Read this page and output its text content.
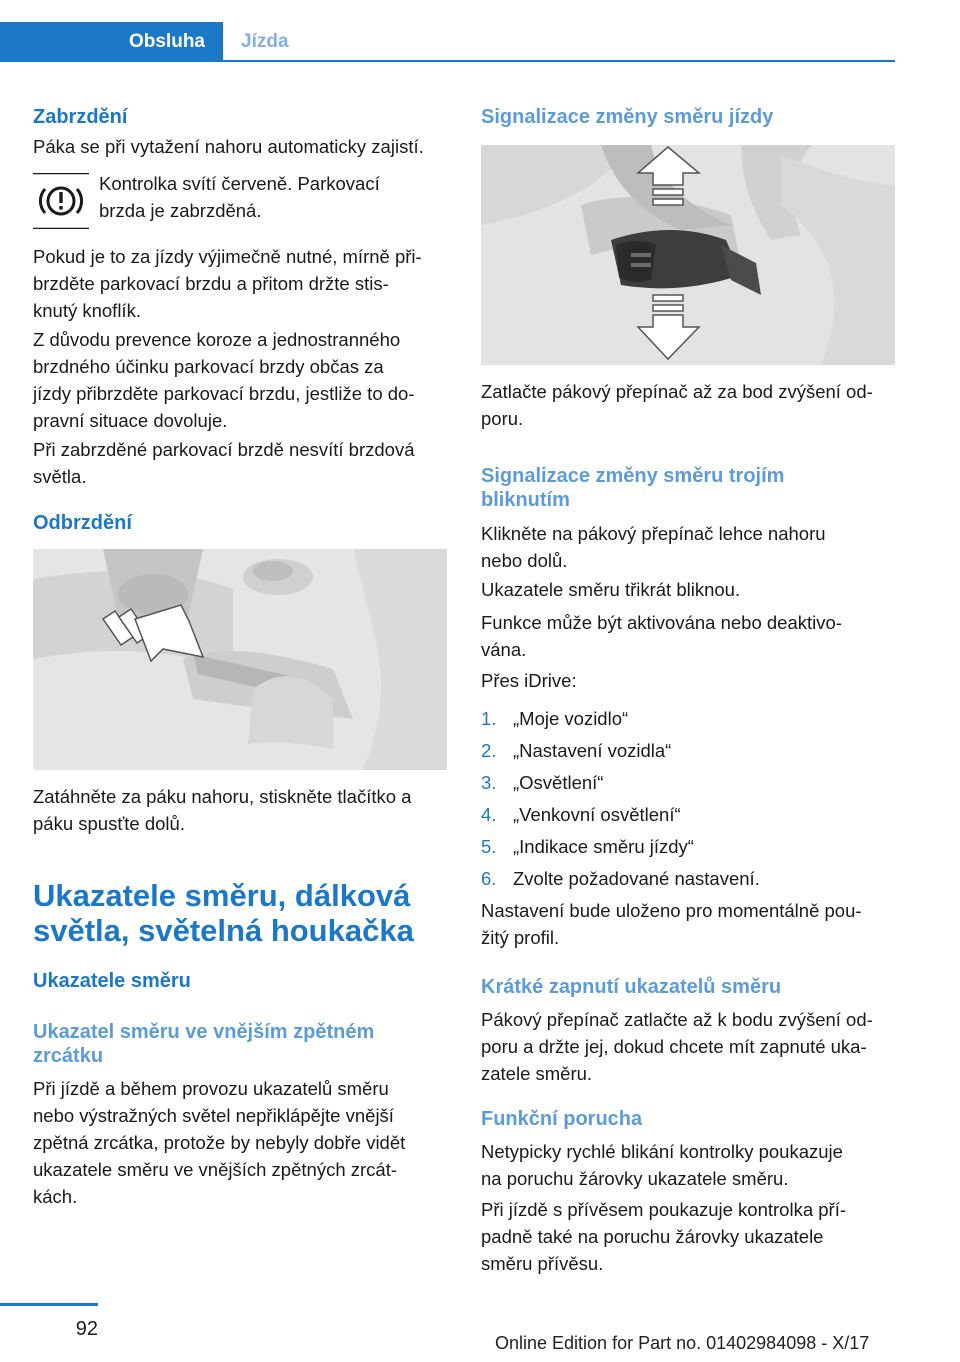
Obsluha	Jízda
Zabrzdění
Páka se při vytažení nahoru automaticky zajistí.
Kontrolka svítí červeně. Parkovací
brzda je zabrzděná.
Pokud je to za jízdy výjimečně nutné, mírně při-
brzděte parkovací brzdu a přitom držte stis-
knutý knoflík.
Z důvodu prevence koroze a jednostranného
brzdného účinku parkovací brzdy občas za
jízdy přibrzděte parkovací brzdu, jestliže to do-
pravní situace dovoluje.
Při zabrzděné parkovací brzdě nesvítí brzdová
světla.
Odbrzdění
Zatáhněte za páku nahoru, stiskněte tlačítko a
páku spusťte dolů.
Ukazatele směru, dálková
světla, světelná houkačka
Ukazatele směru
Ukazatel směru ve vnějším zpětném
zrcátku
Při jízdě a během provozu ukazatelů směru
nebo výstražných světel nepřiklápějte vnější
zpětná zrcátka, protože by nebyly dobře vidět
ukazatele směru ve vnějších zpětných zrcát-
kách.
Signalizace změny směru jízdy
Zatlačte pákový přepínač až za bod zvýšení od-
poru.
Signalizace změny směru trojím
bliknutím
Klikněte na pákový přepínač lehce nahoru
nebo dolů.
Ukazatele směru třikrát bliknou.
Funkce může být aktivována nebo deaktivo-
vána.
Přes iDrive:
1. „Moje vozidlo“
2. „Nastavení vozidla“
3. „Osvětlení“
4. „Venkovní osvětlení“
5. „Indikace směru jízdy“
6. Zvolte požadované nastavení.
Nastavení bude uloženo pro momentálně pou-
žitý profil.
Krátké zapnutí ukazatelů směru
Pákový přepínač zatlačte až k bodu zvýšení od-
poru a držte jej, dokud chcete mít zapnuté uka-
zatele směru.
Funkční porucha
Netypicky rychlé blikání kontrolky poukazuje
na poruchu žárovky ukazatele směru.
Při jízdě s přívěsem poukazuje kontrolka pří-
padně také na poruchu žárovky ukazatele
směru přívěsu.
92
Online Edition for Part no. 01402984098 - X/17
